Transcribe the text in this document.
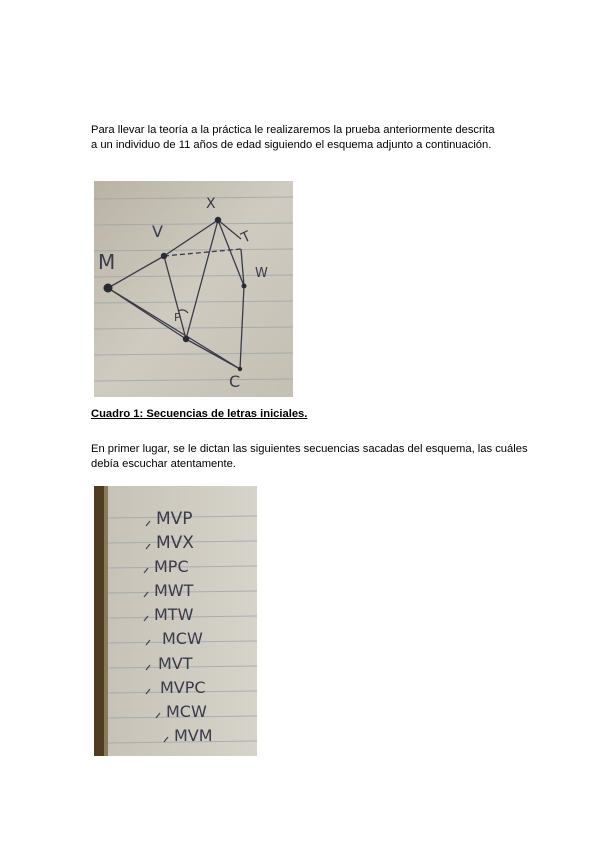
Para llevar la teoría a la práctica le realizaremos la prueba anteriormente descrita
a un individuo de 11 años de edad siguiendo el esquema adjunto a continuación.

M
V
X
T
W
C
P

Cuadro 1: Secuencias de letras iniciales.

En primer lugar, se le dictan las siguientes secuencias sacadas del esquema, las cuáles
debía escuchar atentamente.

MVP
MVX
MPC
MWT
MTW
MCW
MVT
MVPC
MCW
MVM
